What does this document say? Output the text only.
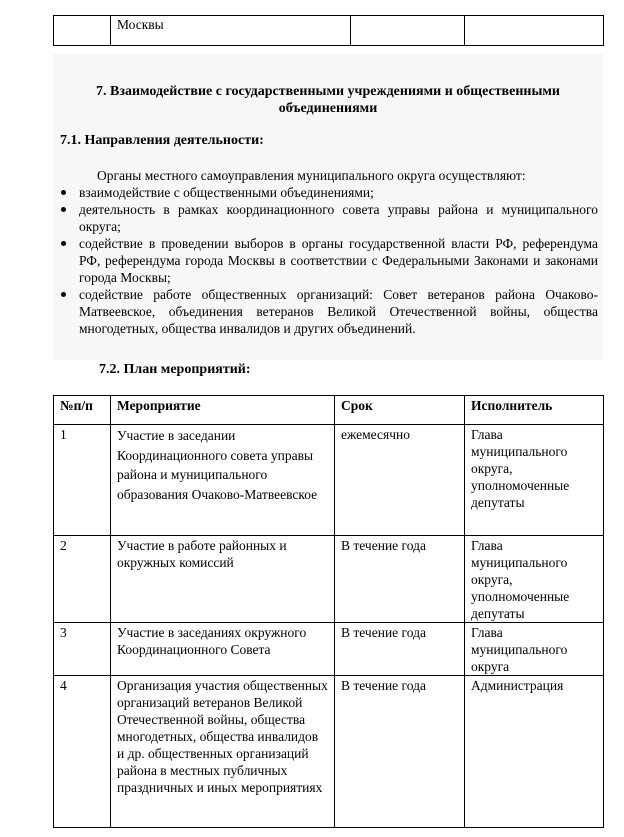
	Москвы		
7. Взаимодействие с государственными учреждениями и общественными объединениями
7.1. Направления деятельности:
Органы местного самоуправления муниципального округа осуществляют:
взаимодействие с общественными объединениями;
деятельность в рамках координационного совета управы района и муниципального округа;
содействие в проведении выборов в органы государственной власти РФ, референдума РФ, референдума города Москвы в соответствии с Федеральными Законами и законами города Москвы;
содействие работе общественных организаций: Совет ветеранов района Очаково-Матвеевское, объединения ветеранов Великой Отечественной войны, общества многодетных, общества инвалидов и других объединений.
7.2. План мероприятий:
№п/п	Мероприятие	Срок	Исполнитель
1	Участие в заседании Координационного совета управы района и муниципального образования Очаково-Матвеевское	ежемесячно	Глава муниципального округа, уполномоченные депутаты
2	Участие в работе районных и окружных комиссий	В течение года	Глава муниципального округа, уполномоченные депутаты
3	Участие в заседаниях окружного Координационного Совета	В течение года	Глава муниципального округа
4	Организация участия общественных организаций ветеранов Великой Отечественной войны, общества многодетных, общества инвалидов и др. общественных организаций района в местных публичных праздничных и иных мероприятиях	В течение года	Администрация
